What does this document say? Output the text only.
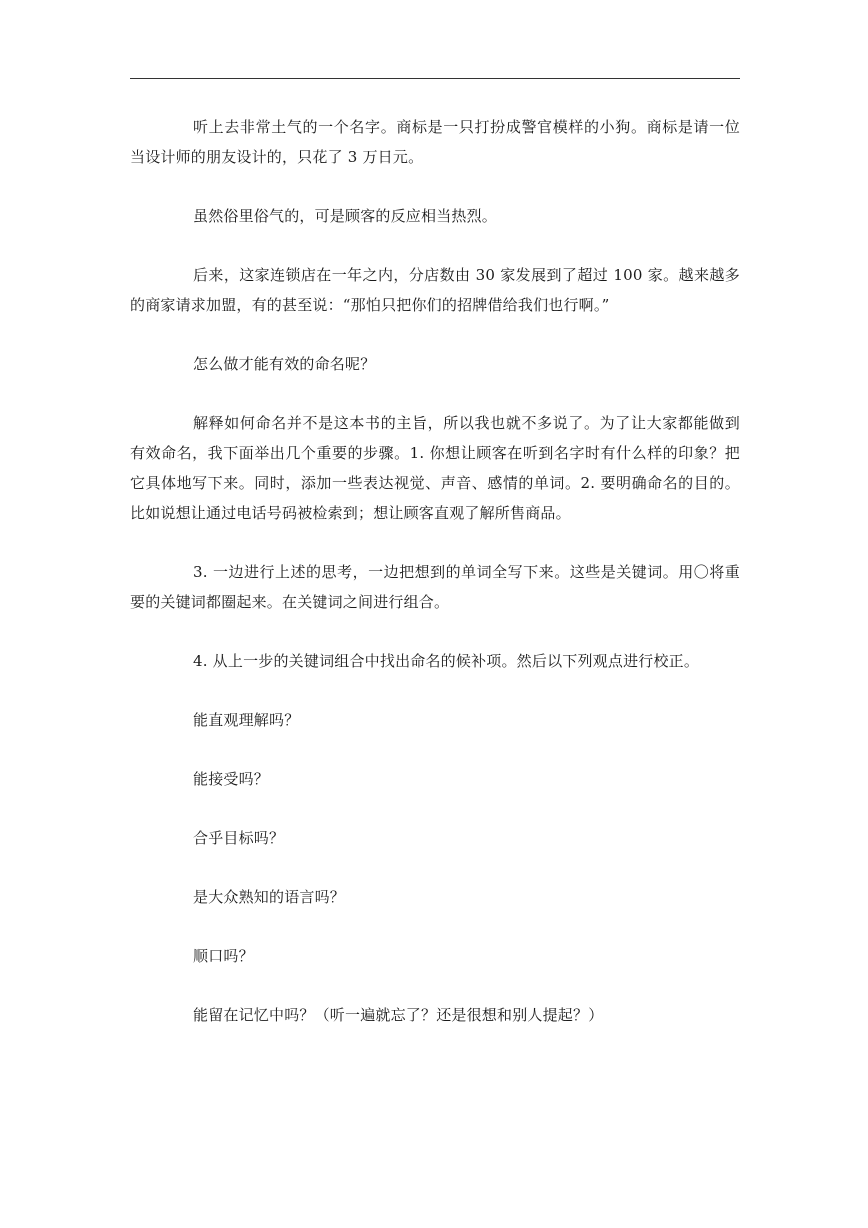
听上去非常土气的一个名字。商标是一只打扮成警官模样的小狗。商标是请一位当设计师的朋友设计的，只花了 3 万日元。

虽然俗里俗气的，可是顾客的反应相当热烈。

后来，这家连锁店在一年之内，分店数由 30 家发展到了超过 100 家。越来越多的商家请求加盟，有的甚至说：“那怕只把你们的招牌借给我们也行啊。”

怎么做才能有效的命名呢？

解释如何命名并不是这本书的主旨，所以我也就不多说了。为了让大家都能做到有效命名，我下面举出几个重要的步骤。1. 你想让顾客在听到名字时有什么样的印象？把它具体地写下来。同时，添加一些表达视觉、声音、感情的单词。2. 要明确命名的目的。比如说想让通过电话号码被检索到；想让顾客直观了解所售商品。

3. 一边进行上述的思考，一边把想到的单词全写下来。这些是关键词。用〇将重要的关键词都圈起来。在关键词之间进行组合。

4. 从上一步的关键词组合中找出命名的候补项。然后以下列观点进行校正。

能直观理解吗？

能接受吗？

合乎目标吗？

是大众熟知的语言吗？

顺口吗？

能留在记忆中吗？（听一遍就忘了？还是很想和别人提起？）
